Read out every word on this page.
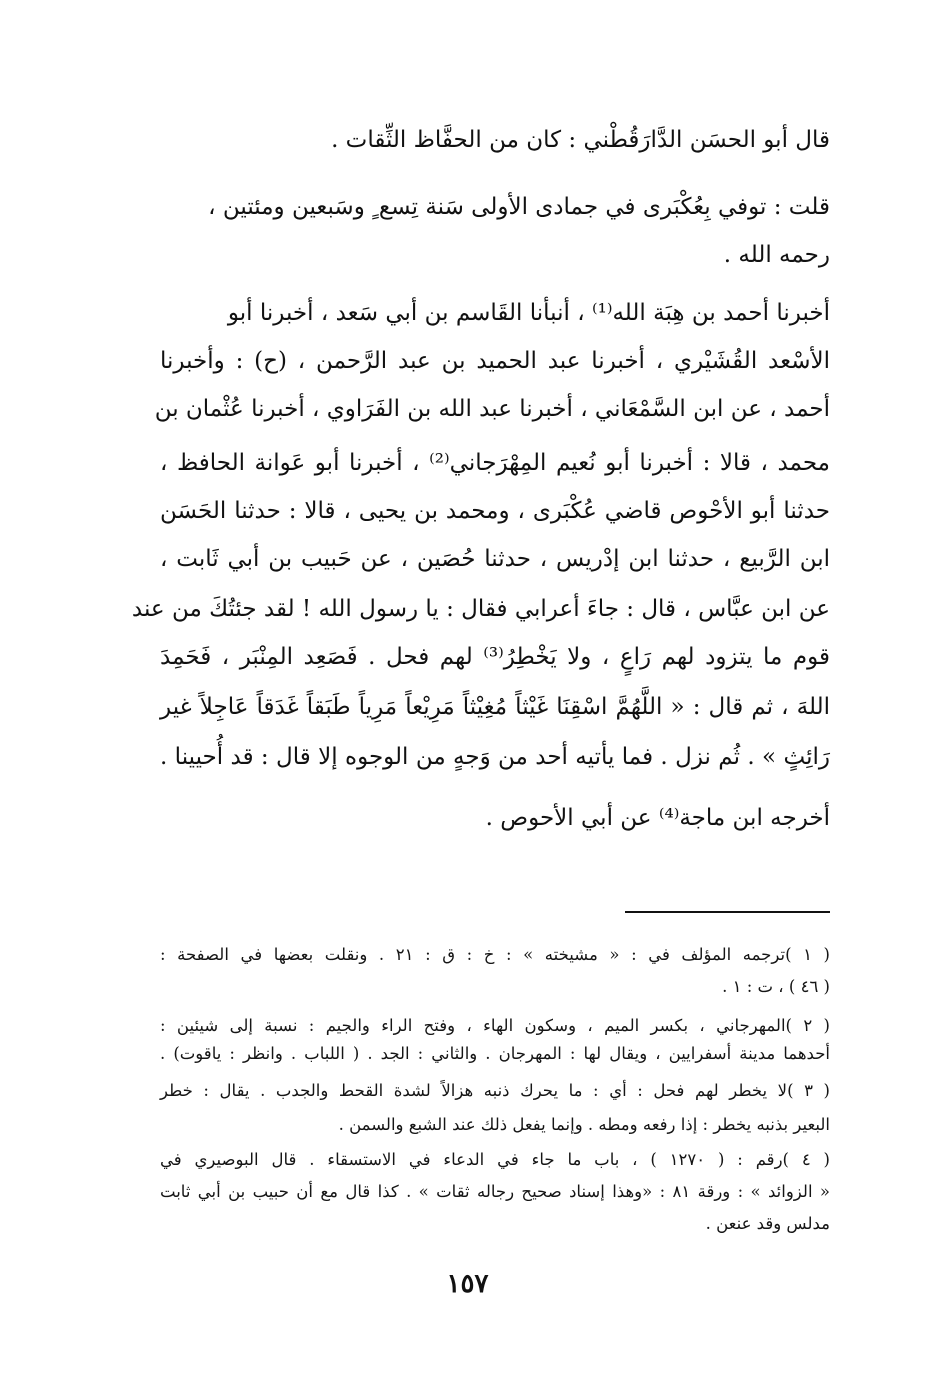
قال أبو الحسَن الدَّارَقُطْني : كان من الحفَّاظ الثِّقات .
قلت : توفي بِعُكْبَرى في جمادى الأولى سَنة تِسع ٍ وسَبعين ومئتين ،
رحمه الله .
أخبرنا أحمد بن هِبَة الله⁽¹⁾ ، أنبأنا القَاسم بن أبي سَعد ، أخبرنا أبو
الأسْعد القُشَيْري ، أخبرنا عبد الحميد بن عبد الرَّحمن ، (ح) : وأخبرنا
أحمد ، عن ابن السَّمْعَاني ، أخبرنا عبد الله بن الفَرَاوي ، أخبرنا عُثْمان بن
محمد ، قالا : أخبرنا أبو نُعيم المِهْرَجاني⁽²⁾ ، أخبرنا أبو عَوانة الحافظ ،
حدثنا أبو الأحْوص قاضي عُكْبَرى ، ومحمد بن يحيى ، قالا : حدثنا الحَسَن
ابن الرَّبيع ، حدثنا ابن إدْريس ، حدثنا حُصَين ، عن حَبيب بن أبي ثَابت ،
عن ابن عبَّاس ، قال : جاءَ أعرابي فقال : يا رسول الله ! لقد جئتُكَ من عند
قوم ما يتزود لهم رَاعٍ ، ولا يَخْطِرُ⁽³⁾ لهم فحل . فَصَعِد المِنْبَر ، فَحَمِدَ
اللهَ ، ثم قال : « اللَّهُمَّ اسْقِنَا غَيْثاً مُغِيْثاً مَرِيْعاً مَرِياً طَبَقاً غَدَقاً عَاجِلاً غير
رَائِثٍ » . ثُم نزل . فما يأتيه أحد من وَجهٍ من الوجوه إلا قال : قد أُحيينا .
أخرجه ابن ماجة⁽⁴⁾ عن أبي الأحوص .
( ١ )ترجمه المؤلف في : « مشيخته » : خ : ق : ٢١ . ونقلت بعضها في الصفحة :
( ٤٦ ) ، ت : ١ .
( ٢ )المهرجاني ، بكسر الميم ، وسكون الهاء ، وفتح الراء والجيم : نسبة إلى شيئين :
أحدهما مدينة أسفرايين ، ويقال لها : المهرجان . والثاني : الجد . ( اللباب . وانظر : ياقوت) .
( ٣ )لا يخطر لهم فحل : أي : ما يحرك ذنبه هزالاً لشدة القحط والجدب . يقال : خطر
البعير بذنبه يخطر : إذا رفعه ومطه . وإنما يفعل ذلك عند الشبع والسمن .
( ٤ )رقم : ( ١٢٧٠ ) ، باب ما جاء في الدعاء في الاستسقاء . قال البوصيري في
« الزوائد » : ورقة ٨١ : «وهذا إسناد صحيح رجاله ثقات » . كذا قال مع أن حبيب بن أبي ثابت
مدلس وقد عنعن .
١٥٧
